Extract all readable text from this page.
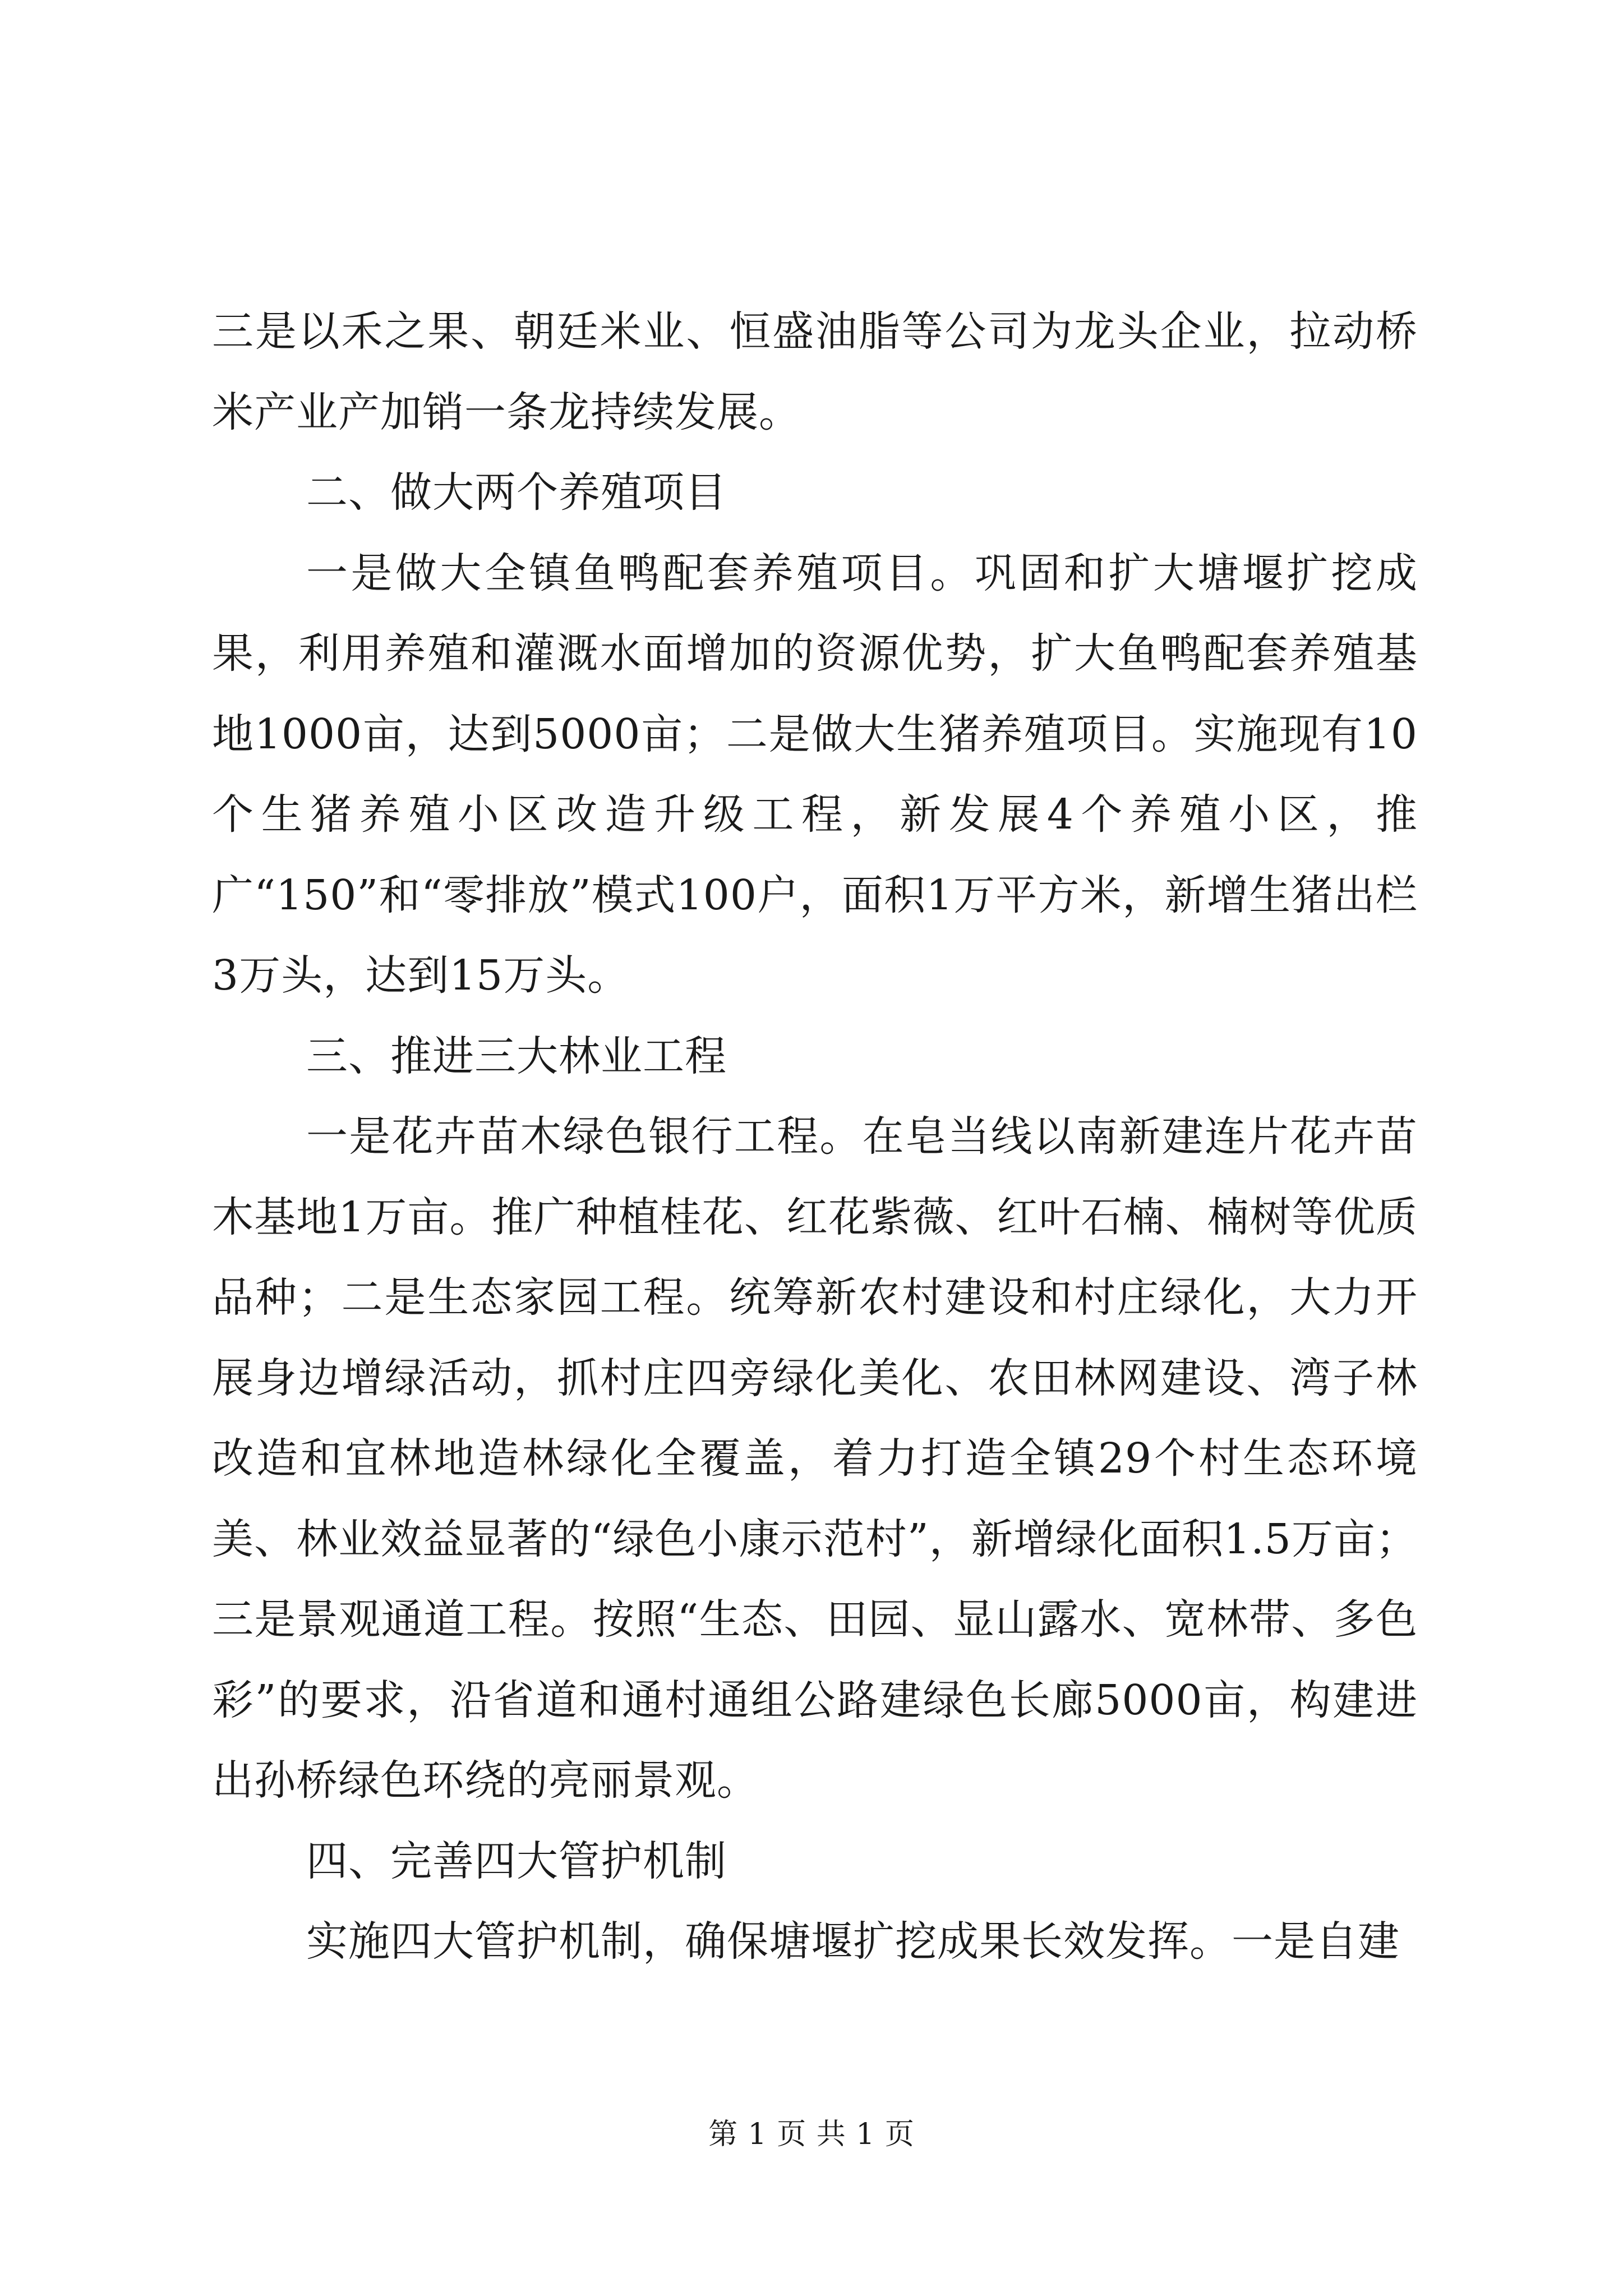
三是以禾之果、朝廷米业、恒盛油脂等公司为龙头企业，拉动桥米产业产加销一条龙持续发展。

二、做大两个养殖项目

一是做大全镇鱼鸭配套养殖项目。巩固和扩大塘堰扩挖成果，利用养殖和灌溉水面增加的资源优势，扩大鱼鸭配套养殖基地1000亩，达到5000亩；二是做大生猪养殖项目。实施现有10个生猪养殖小区改造升级工程，新发展4个养殖小区，推广“150”和“零排放”模式100户，面积1万平方米，新增生猪出栏3万头，达到15万头。

三、推进三大林业工程

一是花卉苗木绿色银行工程。在皂当线以南新建连片花卉苗木基地1万亩。推广种植桂花、红花紫薇、红叶石楠、楠树等优质品种；二是生态家园工程。统筹新农村建设和村庄绿化，大力开展身边增绿活动，抓村庄四旁绿化美化、农田林网建设、湾子林改造和宜林地造林绿化全覆盖，着力打造全镇29个村生态环境美、林业效益显著的“绿色小康示范村”，新增绿化面积1.5万亩；三是景观通道工程。按照“生态、田园、显山露水、宽林带、多色彩”的要求，沿省道和通村通组公路建绿色长廊5000亩，构建进出孙桥绿色环绕的亮丽景观。

四、完善四大管护机制

实施四大管护机制，确保塘堰扩挖成果长效发挥。一是自建

第 1 页 共 1 页
